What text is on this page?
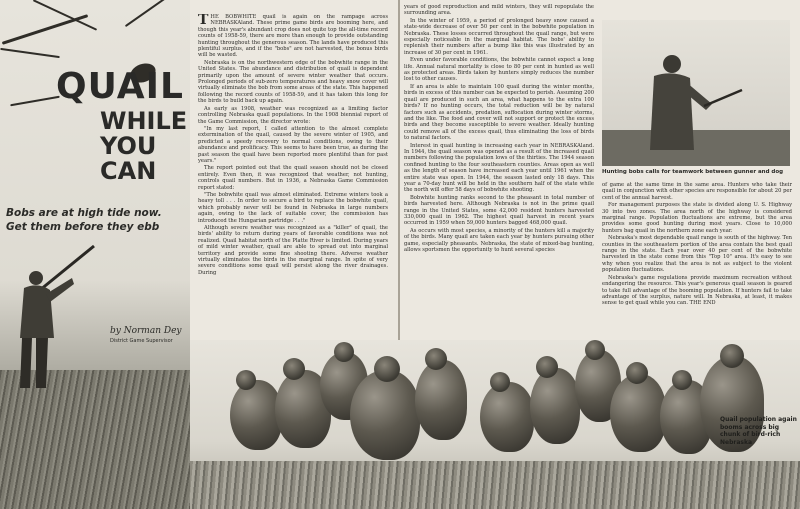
QUAIL
WHILE
YOU
CAN
Bobs are at high tide now.
Get them before they ebb
by Norman Dey
District Game Supervisor

THE BOBWHITE quail is again on the rampage across NEBRASKAland. These prime game birds are booming here, and though this year's abundant crop does not quite top the all-time record counts of 1958-59, there are more than enough to provide outstanding hunting throughout the generous season. The lands have produced this plentiful surplus, and if the "bobs" are not harvested, the bonus birds will be wasted.

Nebraska is on the northwestern edge of the bobwhite range in the United States. The abundance and distribution of quail is dependent primarily upon the amount of severe winter weather that occurs. Prolonged periods of sub-zero temperatures and heavy snow cover will virtually eliminate the bob from some areas of the state. This happened following the record counts of 1958-59, and it has taken this long for the birds to build back up again.

As early as 1908, weather was recognized as a limiting factor controlling Nebraska quail populations. In the 1908 biennial report of the Game Commission, the director wrote:

"In my last report, I called attention to the almost complete extermination of the quail, caused by the severe winter of 1905, and predicted a speedy recovery to normal conditions, owing to their abundance and prolificacy. This seems to have been true, as during the past season the quail have been reported more plentiful than for past years."

The report pointed out that the quail season should not be closed entirely. Even then, it was recognized that weather, not hunting, controls quail numbers. But in 1936, a Nebraska Game Commission report stated:

"The bobwhite quail was almost eliminated. Extreme winters took a heavy toll . . . In order to secure a bird to replace the bobwhite quail, which probably never will be found in Nebraska in large numbers again, owing to the lack of suitable cover, the commission has introduced the Hungarian partridge . . ."

Although severe weather was recognized as a "killer" of quail, the birds' ability to return during years of favorable conditions was not realized. Quail habitat north of the Platte River is limited. During years of mild winter weather, quail are able to spread out into marginal territory and provide some fine shooting there. Adverse weather virtually eliminates the birds in the marginal range. In spite of very severe conditions some quail will persist along the river drainages. During

years of good reproduction and mild winters, they will repopulate the surrounding area.

In the winter of 1959, a period of prolonged heavy snow caused a state-wide decrease of over 50 per cent in the bobwhite population in Nebraska. These losses occurred throughout the quail range, but were especially noticeable in the marginal habitat. The bobs' ability to replenish their numbers after a bump like this was illustrated by an increase of 30 per cent in 1961.

Even under favorable conditions, the bobwhite cannot expect a long life. Annual natural mortality is close to 80 per cent in hunted as well as protected areas. Birds taken by hunters simply reduces the number lost to other causes.

If an area is able to maintain 100 quail during the winter months, birds in excess of this number can be expected to perish. Assuming 200 quail are produced in such an area, what happens to the extra 100 birds? If no hunting occurs, the total reduction will be by natural factors such as accidents, predation, suffocation during winter storms, and the like. The food and cover will not support or protect the excess birds and they become susceptible to severe weather. Ideally hunting could remove all of the excess quail, thus eliminating the loss of birds to natural factors.

Interest in quail hunting is increasing each year in NEBRASKAland. In 1944, the quail season was opened as a result of the increased quail numbers following the population lows of the thirties. The 1944 season confined hunting to the four southeastern counties. Areas open as well as the length of season have increased each year until 1961 when the entire state was open. In 1944, the season lasted only 18 days. This year a 70-day hunt will be held in the southern half of the state while the north will offer 58 days of bobwhite shooting.

Bobwhite hunting ranks second to the pheasant in total number of birds harvested here. Although Nebraska is not in the prime quail range in the United States, some 42,000 resident hunters harvested 330,000 quail in 1962. The highest quail harvest in recent years occurred in 1959 when 59,000 hunters bagged 468,000 quail.

As occurs with most species, a minority of the hunters kill a majority of the birds. Many quail are taken each year by hunters pursuing other game, especially pheasants. Nebraska, the state of mixed-bag hunting, allows sportsmen the opportunity to hunt several species

Hunting bobs calls for teamwork between gunner and dog

of game at the same time in the same area. Hunters who take their quail in conjunction with other species are responsible for about 20 per cent of the annual harvest.

For management purposes the state is divided along U. S. Highway 30 into two zones. The area north of the highway is considered marginal range. Population fluctuations are extreme, but the area provides some good hunting during most years. Close to 10,000 hunters bag quail in the northern zone each year.

Nebraska's most dependable quail range is south of the highway. Ten counties in the southeastern portion of the area contain the best quail range in the state. Each year over 40 per cent of the bobwhite harvested in the state come from this "Top 10" area. It's easy to see why when you realize that the area is not as subject to the violent population fluctuations.

Nebraska's game regulations provide maximum recreation without endangering the resource. This year's generous quail season is geared to take full advantage of the booming population. If hunters fail to take advantage of the surplus, nature will. In Nebraska, at least, it makes sense to get quail while you can. THE END

Quail population again booms across big chunk of bird-rich Nebraska
